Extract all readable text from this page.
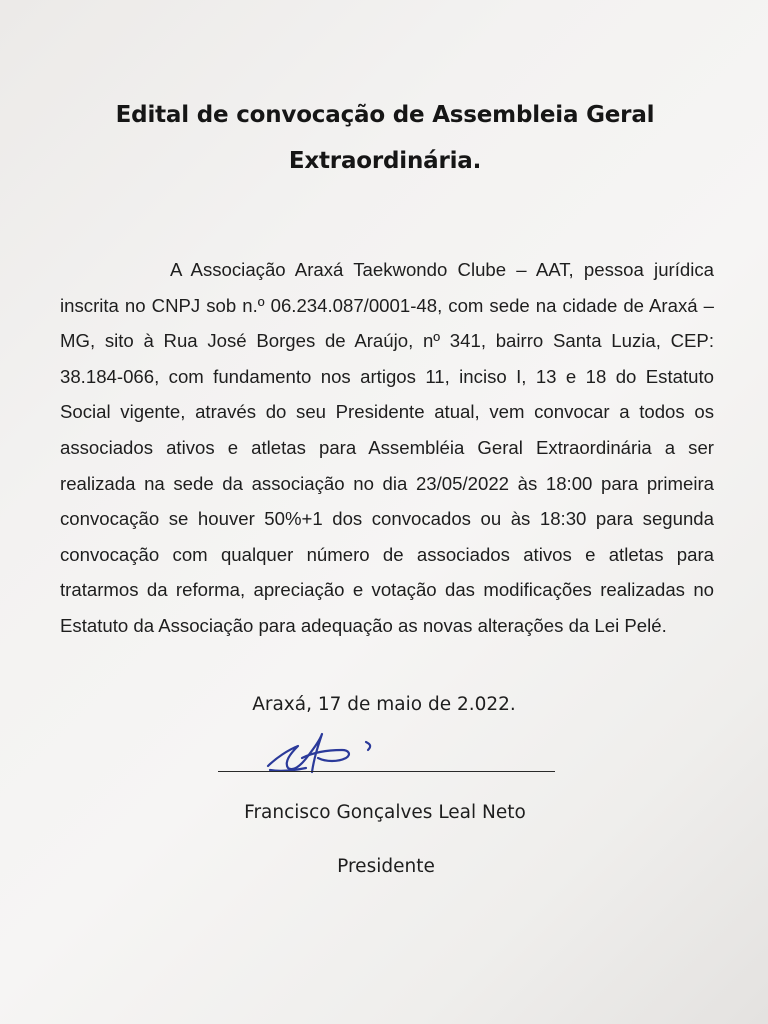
Edital de convocação de Assembleia Geral Extraordinária.
A Associação Araxá Taekwondo Clube – AAT, pessoa jurídica inscrita no CNPJ sob n.º 06.234.087/0001-48, com sede na cidade de Araxá – MG, sito à Rua José Borges de Araújo, nº 341, bairro Santa Luzia, CEP: 38.184-066, com fundamento nos artigos 11, inciso I, 13 e 18 do Estatuto Social vigente, através do seu Presidente atual, vem convocar a todos os associados ativos e atletas para Assembléia Geral Extraordinária a ser realizada na sede da associação no dia 23/05/2022 às 18:00 para primeira convocação se houver 50%+1 dos convocados ou às 18:30 para segunda convocação com qualquer número de associados ativos e atletas para tratarmos da reforma, apreciação e votação das modificações realizadas no Estatuto da Associação para adequação as novas alterações da Lei Pelé.
Araxá, 17 de maio de 2.022.
Francisco Gonçalves Leal Neto
Presidente
